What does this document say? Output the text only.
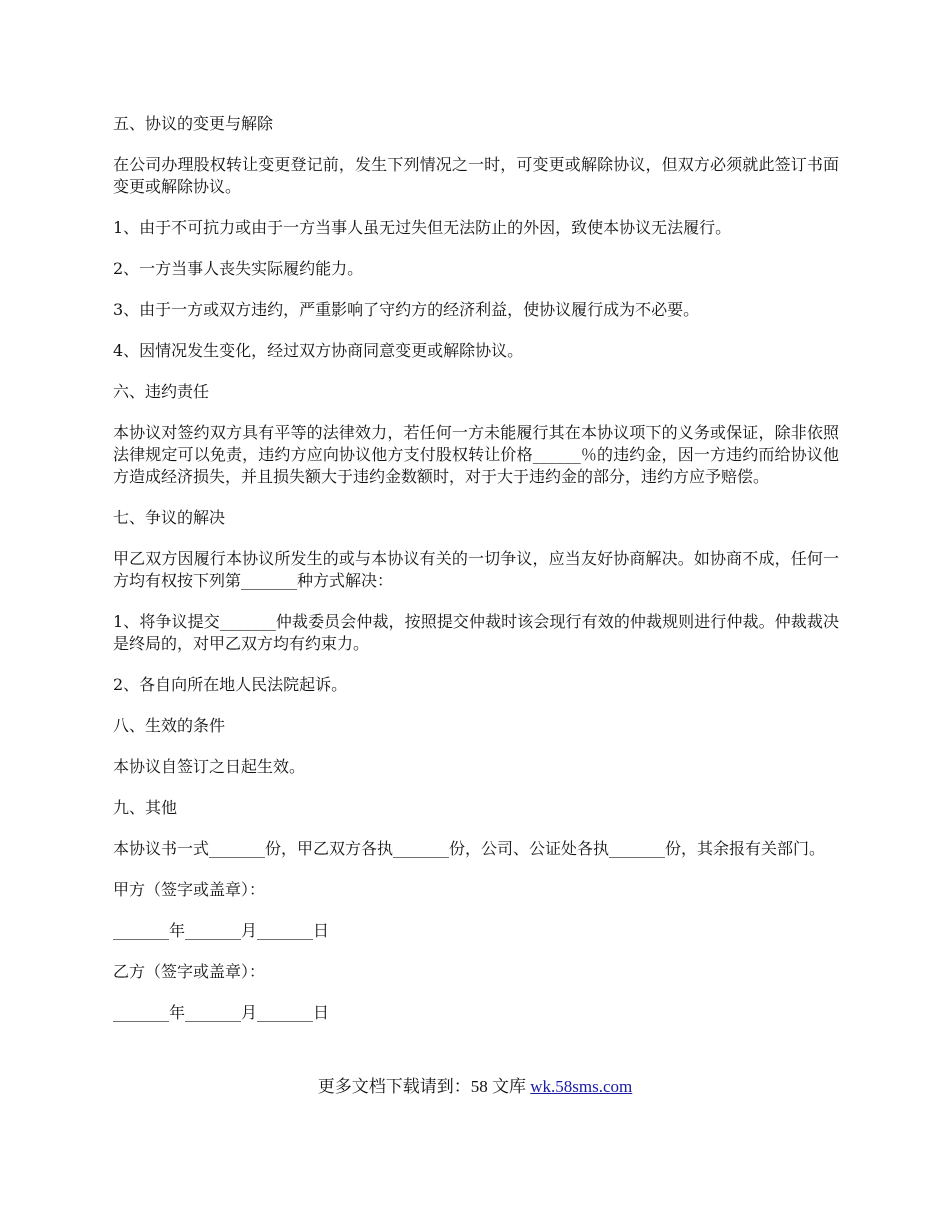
五、协议的变更与解除

在公司办理股权转让变更登记前，发生下列情况之一时，可变更或解除协议，但双方必须就此签订书面变更或解除协议。

1、由于不可抗力或由于一方当事人虽无过失但无法防止的外因，致使本协议无法履行。

2、一方当事人丧失实际履约能力。

3、由于一方或双方违约，严重影响了守约方的经济利益，使协议履行成为不必要。

4、因情况发生变化，经过双方协商同意变更或解除协议。

六、违约责任

本协议对签约双方具有平等的法律效力，若任何一方未能履行其在本协议项下的义务或保证，除非依照法律规定可以免责，违约方应向协议他方支付股权转让价格______％的违约金，因一方违约而给协议他方造成经济损失，并且损失额大于违约金数额时，对于大于违约金的部分，违约方应予赔偿。

七、争议的解决

甲乙双方因履行本协议所发生的或与本协议有关的一切争议，应当友好协商解决。如协商不成，任何一方均有权按下列第_______种方式解决：

1、将争议提交_______仲裁委员会仲裁，按照提交仲裁时该会现行有效的仲裁规则进行仲裁。仲裁裁决是终局的，对甲乙双方均有约束力。

2、各自向所在地人民法院起诉。

八、生效的条件

本协议自签订之日起生效。

九、其他

本协议书一式_______份，甲乙双方各执_______份，公司、公证处各执_______份，其余报有关部门。

甲方（签字或盖章）：

_______年_______月_______日

乙方（签字或盖章）：

_______年_______月_______日

更多文档下载请到：58 文库 wk.58sms.com
